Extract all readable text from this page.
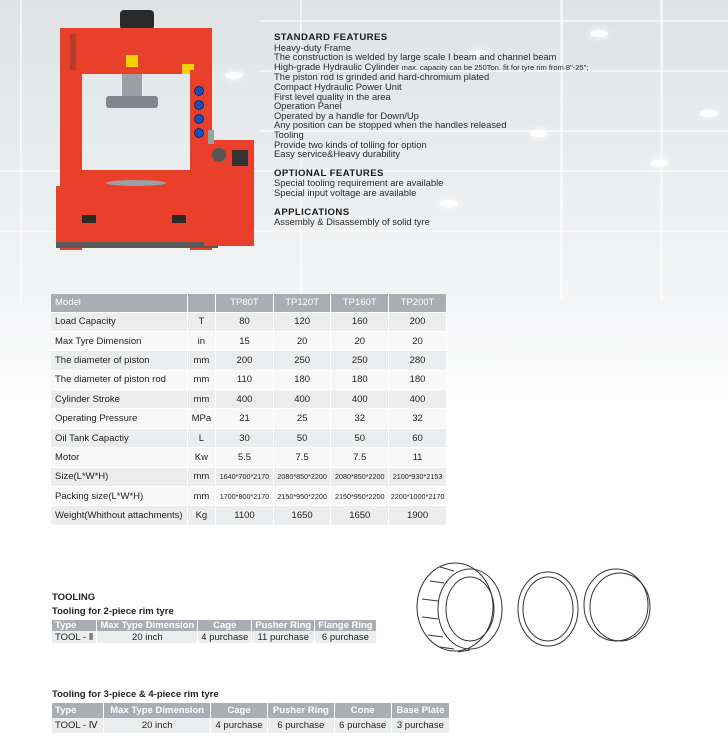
STANDARD FEATURES
Heavy-duty Frame
The construction is welded by large scale I beam and channel beam
High-grade Hydraulic Cylinder max. capacity can be 250Ton. fit for tyre rim from 8"-25";
The piston rod is grinded and hard-chromium plated
Compact Hydraulic Power Unit
First level quality in the area
Operation Panel
Operated by a handle for Down/Up
Any position can be stopped when the handles released
Tooling
Provide two kinds of tolling for option
Easy service&Heavy durability
OPTIONAL FEATURES
Special tooling requirement are available
Special input voltage are available
APPLICATIONS
Assembly & Disassembly of solid tyre
Model		TP80T	TP120T	TP160T	TP200T
Load Capacity	T	80	120	160	200
Max Tyre Dimension	in	15	20	20	20
The diameter of piston	mm	200	250	250	280
The diameter of piston rod	mm	110	180	180	180
Cylinder Stroke	mm	400	400	400	400
Operating Pressure	MPa	21	25	32	32
Oil Tank Capactiy	L	30	50	50	60
Motor	Kw	5.5	7.5	7.5	11
Size(L*W*H)	mm	1640*700*2170	2080*850*2200	2080*850*2200	2100*930*2153
Packing size(L*W*H)	mm	1700*800*2170	2150*950*2200	2150*950*2200	2200*1000*2170
Weight(Whithout attachments)	Kg	1100	1650	1650	1900
TOOLING
Tooling for 2-piece rim tyre
Type	Max Type Dimension	Cage	Pusher Ring	Flange Ring
TOOL - Ⅱ	20 inch	4 purchase	11 purchase	6 purchase
Tooling for 3-piece & 4-piece rim tyre
Type	Max Type Dimension	Cage	Pusher Ring	Cone	Base Plate
TOOL - Ⅳ	20 inch	4 purchase	6 purchase	6 purchase	3 purchase
